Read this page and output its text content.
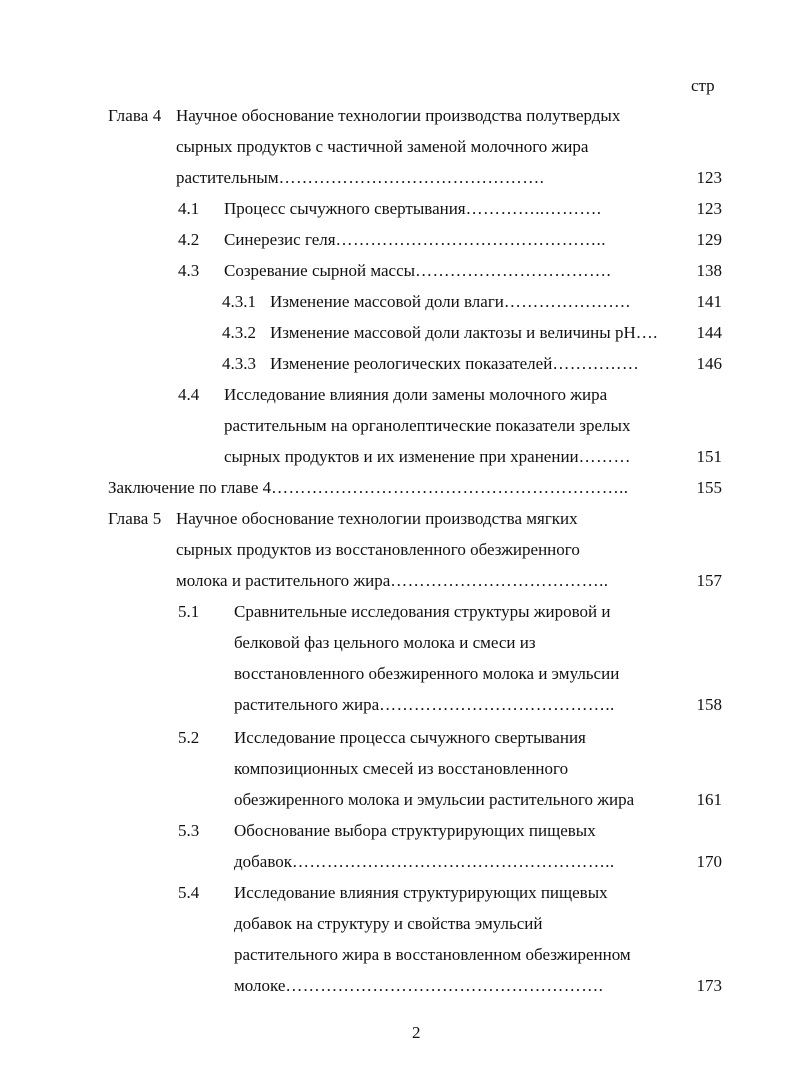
стр
Глава 4 Научное обоснование технологии производства полутвердых
сырных продуктов с частичной заменой молочного жира
растительным……………………………………….	123
4.1 Процесс сычужного свертывания…………..……….	123
4.2 Синерезис геля………………………………………..	129
4.3 Созревание сырной массы…………………………….	138
4.3.1 Изменение массовой доли влаги………………….	141
4.3.2 Изменение массовой доли лактозы и величины pH….	144
4.3.3 Изменение реологических показателей……………	146
4.4 Исследование влияния доли замены молочного жира
растительным на органолептические показатели зрелых
сырных продуктов и их изменение при хранении………	151
Заключение по главе 4……………………………………………………..	155
Глава 5 Научное обоснование технологии производства мягких
сырных продуктов из восстановленного обезжиренного
молока и растительного жира………………………………..	157
5.1 Сравнительные исследования структуры жировой и
белковой фаз цельного молока и смеси из
восстановленного обезжиренного молока и эмульсии
растительного жира…………………………………..	158
5.2 Исследование процесса сычужного свертывания
композиционных смесей из восстановленного
обезжиренного молока и эмульсии растительного жира	161
5.3 Обоснование выбора структурирующих пищевых
добавок………………………………………………..	170
5.4 Исследование влияния структурирующих пищевых
добавок на структуру и свойства эмульсий
растительного жира в восстановленном обезжиренном
молоке……………………………………………….	173
2
